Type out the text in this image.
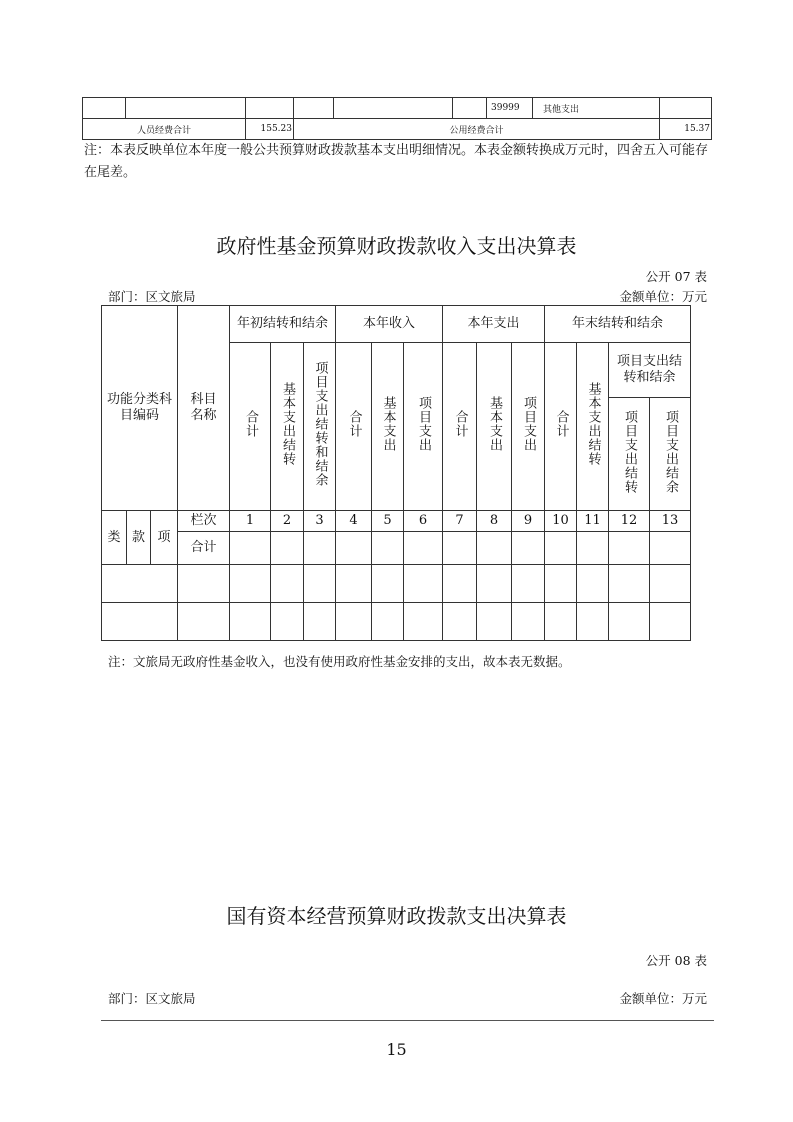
						39999	其他支出	
人员经费合计		155.23	公用经费合计					15.37
注：本表反映单位本年度一般公共预算财政拨款基本支出明细情况。本表金额转换成万元时，四舍五入可能存在尾差。
政府性基金预算财政拨款收入支出决算表
公开 07 表
部门：区文旅局	金额单位：万元
功能分类科目编码			科目名称	年初结转和结余			本年收入			本年支出			年末结转和结余			
				合计	基本支出结转	项目支出结转和结余	合计	基本支出	项目支出	合计	基本支出	项目支出	合计	基本支出结转	项目支出结转和结余	
															项目支出结转	项目支出结余
类	款	项	栏次	1	2	3	4	5	6	7	8	9	10	11	12	13
			合计													

注：文旅局无政府性基金收入，也没有使用政府性基金安排的支出，故本表无数据。
国有资本经营预算财政拨款支出决算表
公开 08 表
部门：区文旅局	金额单位：万元
15
